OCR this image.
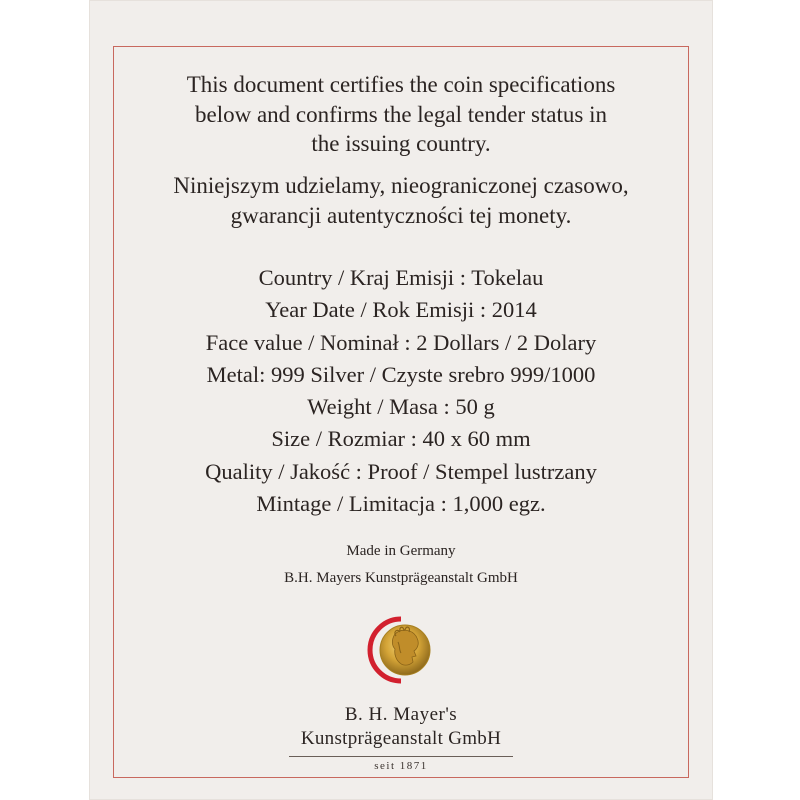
This document certifies the coin specifications
below and confirms the legal tender status in
the issuing country.
Niniejszym udzielamy, nieograniczonej czasowo,
gwarancji autentyczności tej monety.
Country / Kraj Emisji : Tokelau
Year Date / Rok Emisji : 2014
Face value / Nominał : 2 Dollars / 2 Dolary
Metal: 999 Silver / Czyste srebro 999/1000
Weight / Masa : 50 g
Size / Rozmiar : 40 x 60 mm
Quality / Jakość : Proof / Stempel lustrzany
Mintage / Limitacja : 1,000 egz.
Made in Germany
B.H. Mayers Kunstprägeanstalt GmbH
B. H. Mayer's
Kunstprägeanstalt GmbH
seit 1871
